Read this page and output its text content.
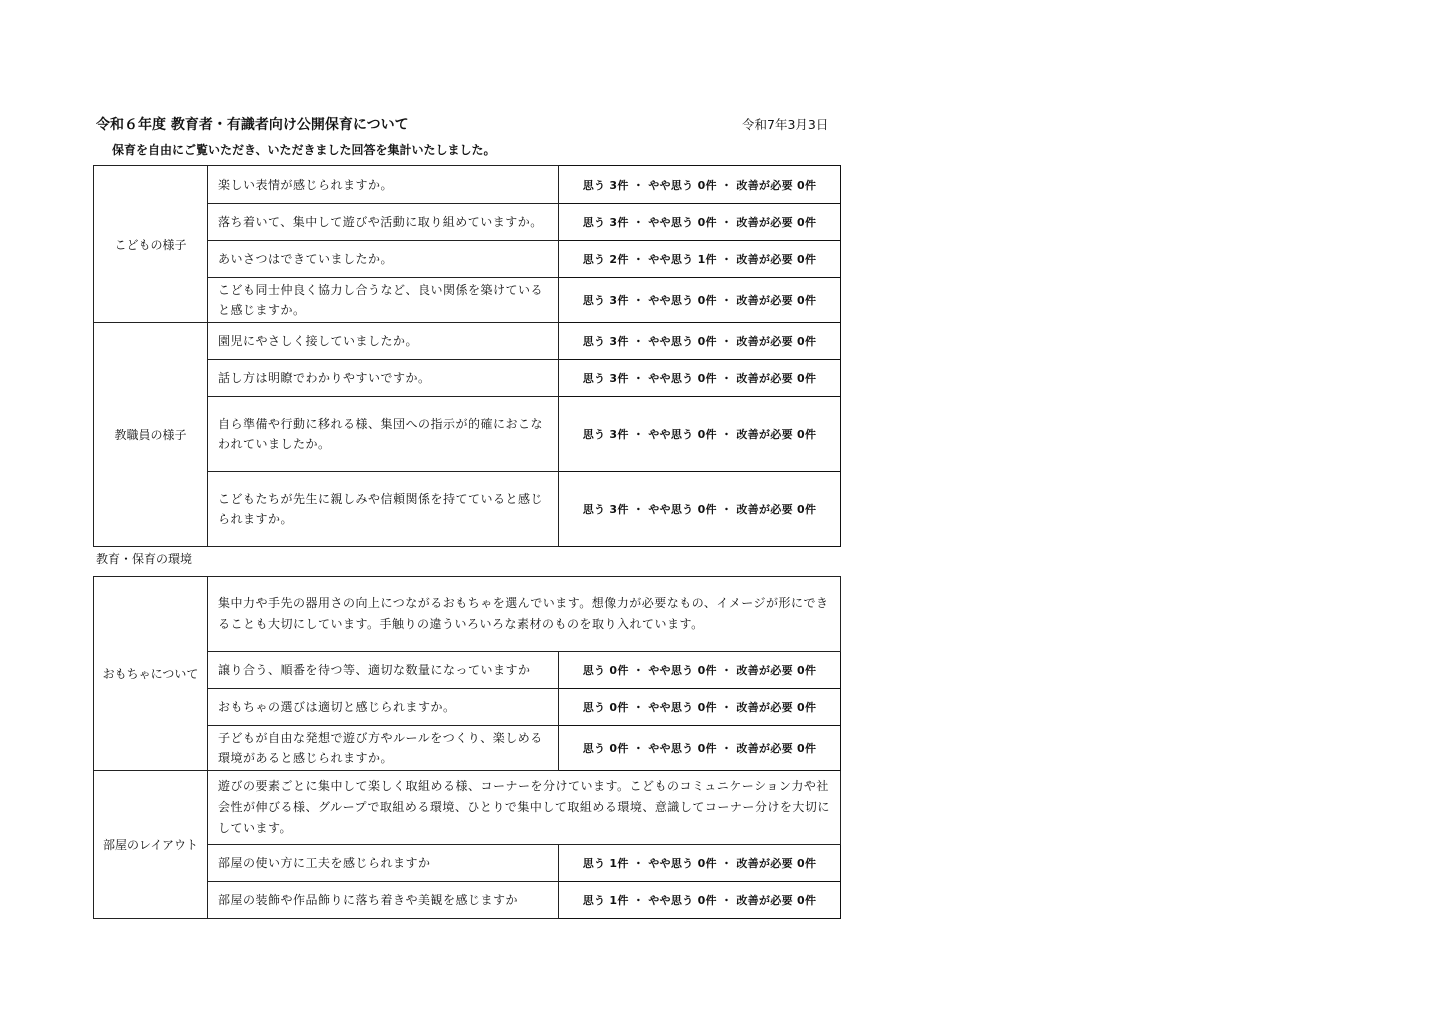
令和６年度 教育者・有識者向け公開保育について	令和7年3月3日
保育を自由にご覧いただき、いただきました回答を集計いたしました。
こどもの様子	楽しい表情が感じられますか。	思う 3件 ・ やや思う 0件 ・ 改善が必要 0件
	落ち着いて、集中して遊びや活動に取り組めていますか。	思う 3件 ・ やや思う 0件 ・ 改善が必要 0件
	あいさつはできていましたか。	思う 2件 ・ やや思う 1件 ・ 改善が必要 0件
	こども同士仲良く協力し合うなど、良い関係を築けていると感じますか。	思う 3件 ・ やや思う 0件 ・ 改善が必要 0件
教職員の様子	園児にやさしく接していましたか。	思う 3件 ・ やや思う 0件 ・ 改善が必要 0件
	話し方は明瞭でわかりやすいですか。	思う 3件 ・ やや思う 0件 ・ 改善が必要 0件
	自ら準備や行動に移れる様、集団への指示が的確におこなわれていましたか。	思う 3件 ・ やや思う 0件 ・ 改善が必要 0件
	こどもたちが先生に親しみや信頼関係を持てていると感じられますか。	思う 3件 ・ やや思う 0件 ・ 改善が必要 0件
教育・保育の環境
おもちゃについて	集中力や手先の器用さの向上につながるおもちゃを選んでいます。想像力が必要なもの、イメージが形にできることも大切にしています。手触りの違ういろいろな素材のものを取り入れています。	
	譲り合う、順番を待つ等、適切な数量になっていますか	思う 0件 ・ やや思う 0件 ・ 改善が必要 0件
	おもちゃの選びは適切と感じられますか。	思う 0件 ・ やや思う 0件 ・ 改善が必要 0件
	子どもが自由な発想で遊び方やルールをつくり、楽しめる環境があると感じられますか。	思う 0件 ・ やや思う 0件 ・ 改善が必要 0件
部屋のレイアウト	遊びの要素ごとに集中して楽しく取組める様、コーナーを分けています。こどものコミュニケーション力や社会性が伸びる様、グループで取組める環境、ひとりで集中して取組める環境、意識してコーナー分けを大切にしています。	
	部屋の使い方に工夫を感じられますか	思う 1件 ・ やや思う 0件 ・ 改善が必要 0件
	部屋の装飾や作品飾りに落ち着きや美観を感じますか	思う 1件 ・ やや思う 0件 ・ 改善が必要 0件
